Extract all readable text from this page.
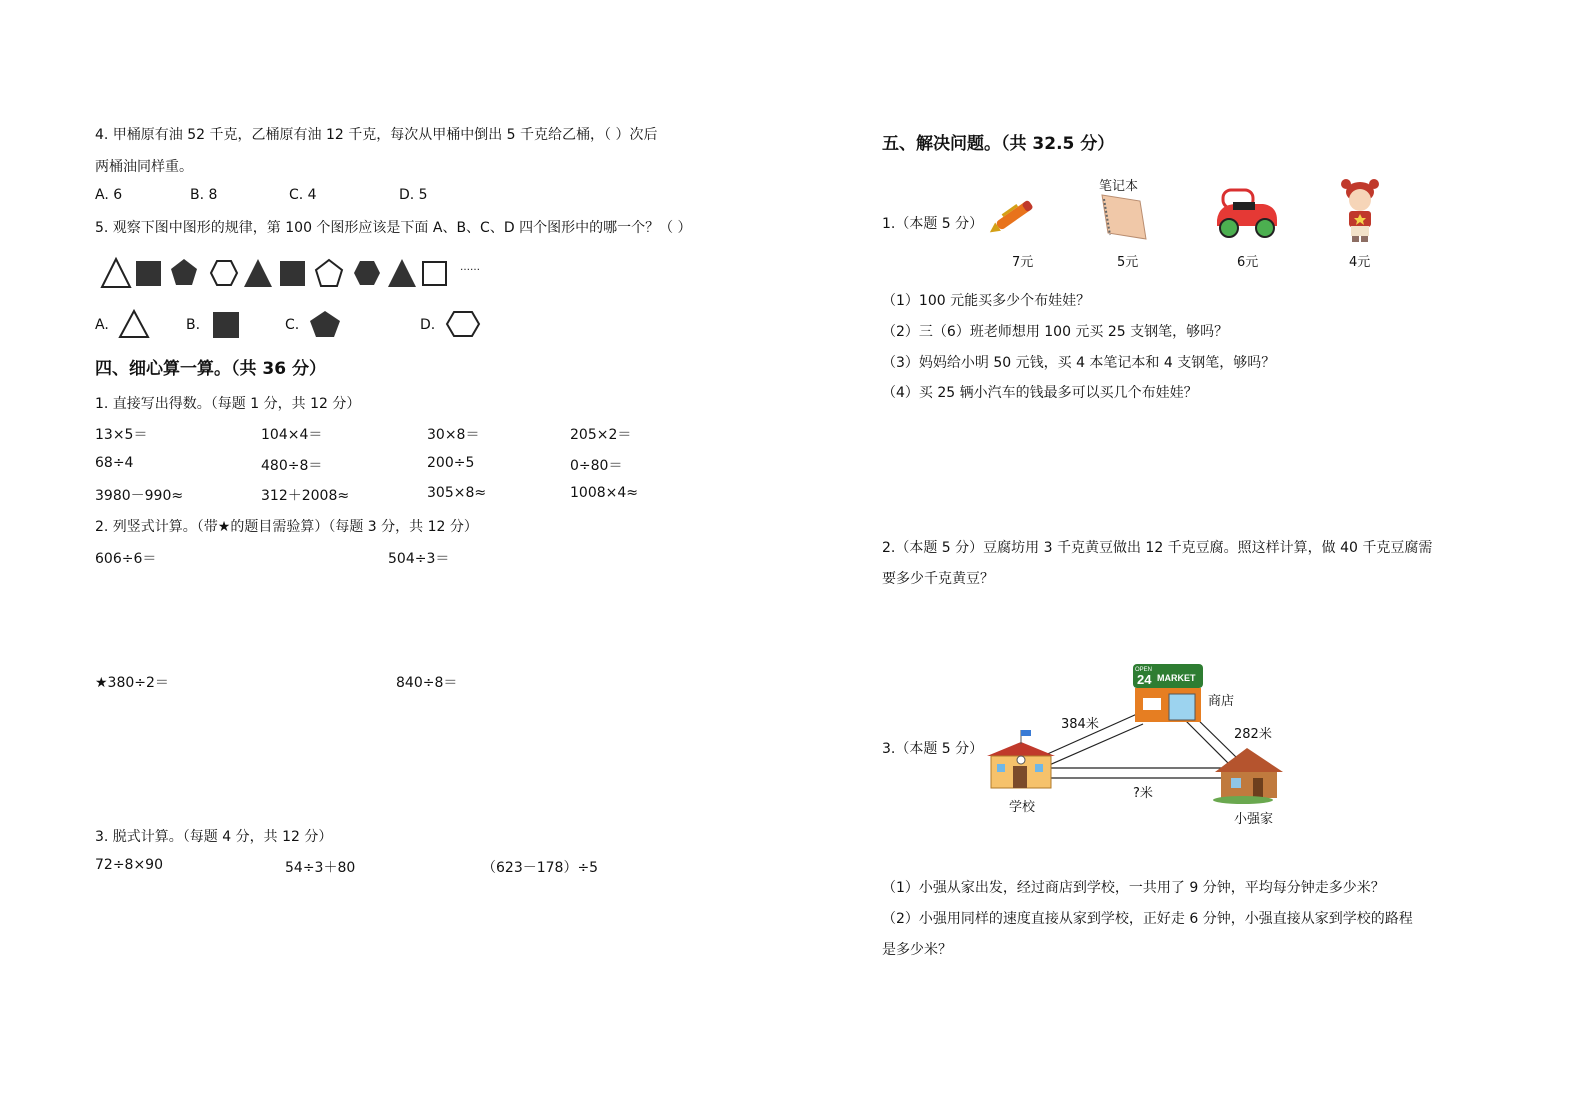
4. 甲桶原有油 52 千克，乙桶原有油 12 千克，每次从甲桶中倒出 5 千克给乙桶，（ ）次后
两桶油同样重。
A. 6	B. 8	C. 4	D. 5
5. 观察下图中图形的规律，第 100 个图形应该是下面 A、B、C、D 四个图形中的哪一个？（ ）
……
A.	B.	C.	D.
四、细心算一算。（共 36 分）
1. 直接写出得数。（每题 1 分，共 12 分）
13×5＝	104×4＝	30×8＝	205×2＝
68÷4	480÷8＝	200÷5	0÷80＝
3980－990≈	312＋2008≈	305×8≈	1008×4≈
2. 列竖式计算。（带★的题目需验算）（每题 3 分，共 12 分）
606÷6＝	504÷3＝
★380÷2＝	840÷8＝
3. 脱式计算。（每题 4 分，共 12 分）
72÷8×90	54÷3＋80	（623－178）÷5
五、解决问题。（共 32.5 分）
1.（本题 5 分）
7元
笔记本
5元	6元	4元
（1）100 元能买多少个布娃娃？
（2）三（6）班老师想用 100 元买 25 支钢笔，够吗？
（3）妈妈给小明 50 元钱，买 4 本笔记本和 4 支钢笔，够吗？
（4）买 25 辆小汽车的钱最多可以买几个布娃娃？
2.（本题 5 分）豆腐坊用 3 千克黄豆做出 12 千克豆腐。照这样计算，做 40 千克豆腐需
要多少千克黄豆？
3.（本题 5 分）
OPEN
24 MARKET
商店
384米
282米
?米
学校
小强家
（1）小强从家出发，经过商店到学校，一共用了 9 分钟，平均每分钟走多少米？
（2）小强用同样的速度直接从家到学校，正好走 6 分钟，小强直接从家到学校的路程
是多少米？
